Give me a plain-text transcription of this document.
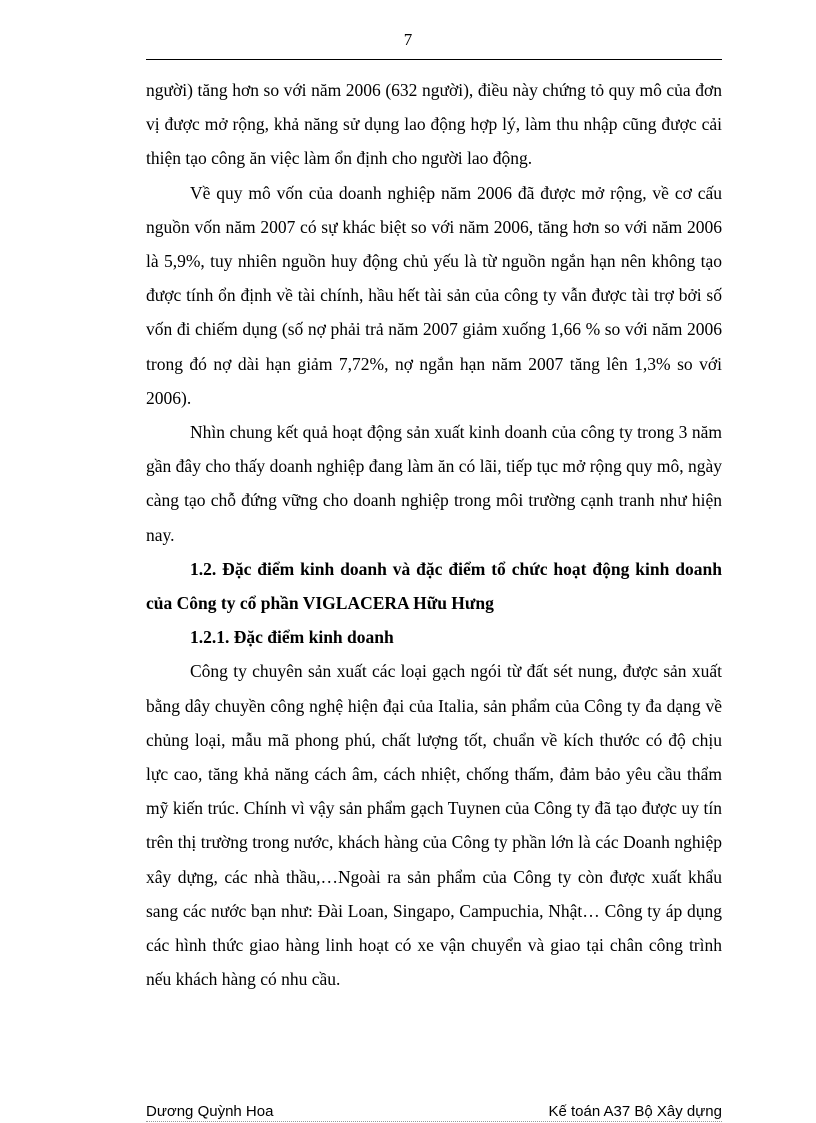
7

người) tăng hơn so với năm 2006 (632 người), điều này chứng tỏ quy mô của đơn vị được mở rộng, khả năng sử dụng lao động hợp lý, làm thu nhập cũng được cải thiện tạo công ăn việc làm ổn định cho người lao động.

Về quy mô vốn của doanh nghiệp năm 2006 đã được mở rộng, về cơ cấu nguồn vốn năm 2007 có sự khác biệt so với năm 2006, tăng hơn so với năm 2006 là 5,9%, tuy nhiên nguồn huy động chủ yếu là từ nguồn ngắn hạn nên không tạo được tính ổn định về tài chính, hầu hết tài sản của công ty vẫn được tài trợ bởi số vốn đi chiếm dụng (số nợ phải trả năm 2007 giảm xuống 1,66 % so với năm 2006 trong đó nợ dài hạn giảm 7,72%, nợ ngắn hạn năm 2007 tăng lên 1,3% so với 2006).

Nhìn chung kết quả hoạt động sản xuất kinh doanh của công ty trong 3 năm gần đây cho thấy doanh nghiệp đang làm ăn có lãi, tiếp tục mở rộng quy mô, ngày càng tạo chỗ đứng vững cho doanh nghiệp trong môi trường cạnh tranh như hiện nay.

1.2. Đặc điểm kinh doanh và đặc điểm tổ chức hoạt động kinh doanh của Công ty cổ phần VIGLACERA Hữu Hưng

1.2.1. Đặc điểm kinh doanh

Công ty chuyên sản xuất các loại gạch ngói từ đất sét nung, được sản xuất bằng dây chuyền công nghệ hiện đại của Italia, sản phẩm của Công ty đa dạng về chủng loại, mẫu mã phong phú, chất lượng tốt, chuẩn về kích thước có độ chịu lực cao, tăng khả năng cách âm, cách nhiệt, chống thấm, đảm bảo yêu cầu thẩm mỹ kiến trúc. Chính vì vậy sản phẩm gạch Tuynen của Công ty đã tạo được uy tín trên thị trường trong nước, khách hàng của Công ty phần lớn là các Doanh nghiệp xây dựng, các nhà thầu,…Ngoài ra sản phẩm của Công ty còn được xuất khẩu sang các nước bạn như: Đài Loan, Singapo, Campuchia, Nhật… Công ty áp dụng các hình thức giao hàng linh hoạt có xe vận chuyển và giao tại chân công trình nếu khách hàng có nhu cầu.

Dương Quỳnh Hoa	Kế toán A37 Bộ Xây dựng
